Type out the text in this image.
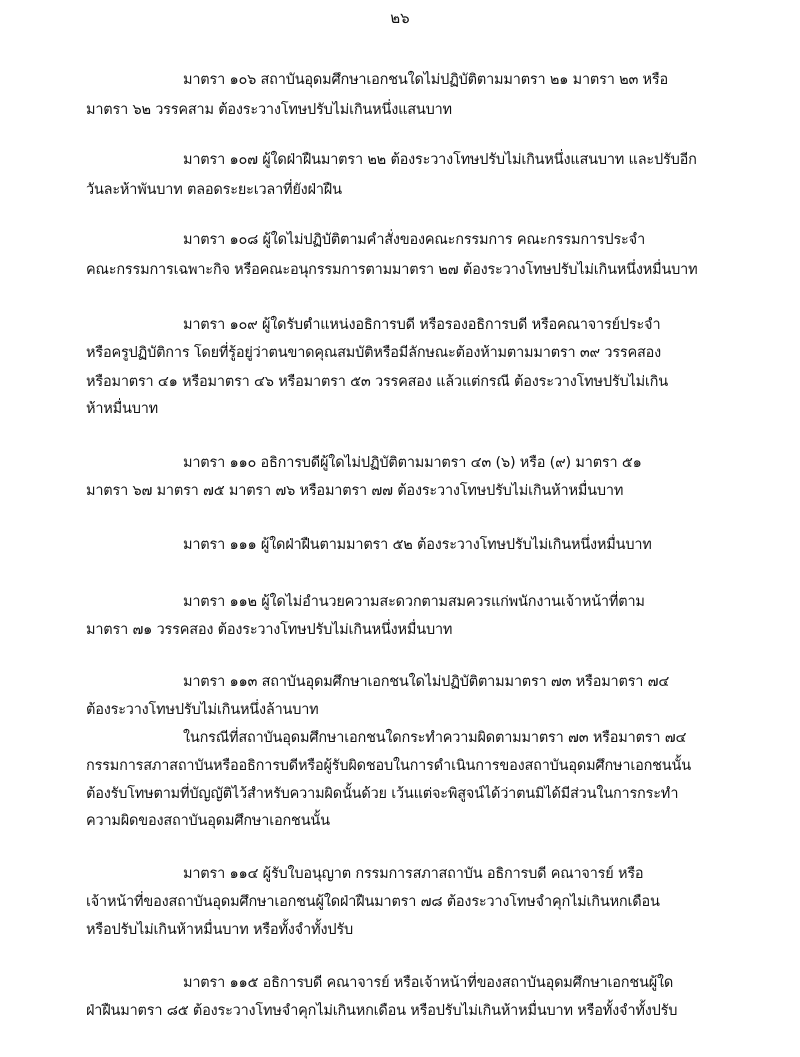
๒๖
มาตรา ๑๐๖ สถาบันอุดมศึกษาเอกชนใดไม่ปฏิบัติตามมาตรา ๒๑ มาตรา ๒๓ หรือ
มาตรา ๖๒ วรรคสาม ต้องระวางโทษปรับไม่เกินหนึ่งแสนบาท
มาตรา ๑๐๗ ผู้ใดฝ่าฝืนมาตรา ๒๒ ต้องระวางโทษปรับไม่เกินหนึ่งแสนบาท และปรับอีก
วันละห้าพันบาท ตลอดระยะเวลาที่ยังฝ่าฝืน
มาตรา ๑๐๘ ผู้ใดไม่ปฏิบัติตามคำสั่งของคณะกรรมการ คณะกรรมการประจำ
คณะกรรมการเฉพาะกิจ หรือคณะอนุกรรมการตามมาตรา ๒๗ ต้องระวางโทษปรับไม่เกินหนึ่งหมื่นบาท
มาตรา ๑๐๙ ผู้ใดรับตำแหน่งอธิการบดี หรือรองอธิการบดี หรือคณาจารย์ประจำ
หรือครูปฏิบัติการ โดยที่รู้อยู่ว่าตนขาดคุณสมบัติหรือมีลักษณะต้องห้ามตามมาตรา ๓๙ วรรคสอง
หรือมาตรา ๔๑ หรือมาตรา ๔๖ หรือมาตรา ๕๓ วรรคสอง แล้วแต่กรณี ต้องระวางโทษปรับไม่เกิน
ห้าหมื่นบาท
มาตรา ๑๑๐ อธิการบดีผู้ใดไม่ปฏิบัติตามมาตรา ๔๓ (๖) หรือ (๙) มาตรา ๕๑
มาตรา ๖๗ มาตรา ๗๕ มาตรา ๗๖ หรือมาตรา ๗๗ ต้องระวางโทษปรับไม่เกินห้าหมื่นบาท
มาตรา ๑๑๑ ผู้ใดฝ่าฝืนตามมาตรา ๕๒ ต้องระวางโทษปรับไม่เกินหนึ่งหมื่นบาท
มาตรา ๑๑๒ ผู้ใดไม่อำนวยความสะดวกตามสมควรแก่พนักงานเจ้าหน้าที่ตาม
มาตรา ๗๑ วรรคสอง ต้องระวางโทษปรับไม่เกินหนึ่งหมื่นบาท
มาตรา ๑๑๓ สถาบันอุดมศึกษาเอกชนใดไม่ปฏิบัติตามมาตรา ๗๓ หรือมาตรา ๗๔
ต้องระวางโทษปรับไม่เกินหนึ่งล้านบาท
ในกรณีที่สถาบันอุดมศึกษาเอกชนใดกระทำความผิดตามมาตรา ๗๓ หรือมาตรา ๗๔
กรรมการสภาสถาบันหรืออธิการบดีหรือผู้รับผิดชอบในการดำเนินการของสถาบันอุดมศึกษาเอกชนนั้น
ต้องรับโทษตามที่บัญญัติไว้สำหรับความผิดนั้นด้วย เว้นแต่จะพิสูจน์ได้ว่าตนมิได้มีส่วนในการกระทำ
ความผิดของสถาบันอุดมศึกษาเอกชนนั้น
มาตรา ๑๑๔ ผู้รับใบอนุญาต กรรมการสภาสถาบัน อธิการบดี คณาจารย์ หรือ
เจ้าหน้าที่ของสถาบันอุดมศึกษาเอกชนผู้ใดฝ่าฝืนมาตรา ๗๘ ต้องระวางโทษจำคุกไม่เกินหกเดือน
หรือปรับไม่เกินห้าหมื่นบาท หรือทั้งจำทั้งปรับ
มาตรา ๑๑๕ อธิการบดี คณาจารย์ หรือเจ้าหน้าที่ของสถาบันอุดมศึกษาเอกชนผู้ใด
ฝ่าฝืนมาตรา ๘๕ ต้องระวางโทษจำคุกไม่เกินหกเดือน หรือปรับไม่เกินห้าหมื่นบาท หรือทั้งจำทั้งปรับ
